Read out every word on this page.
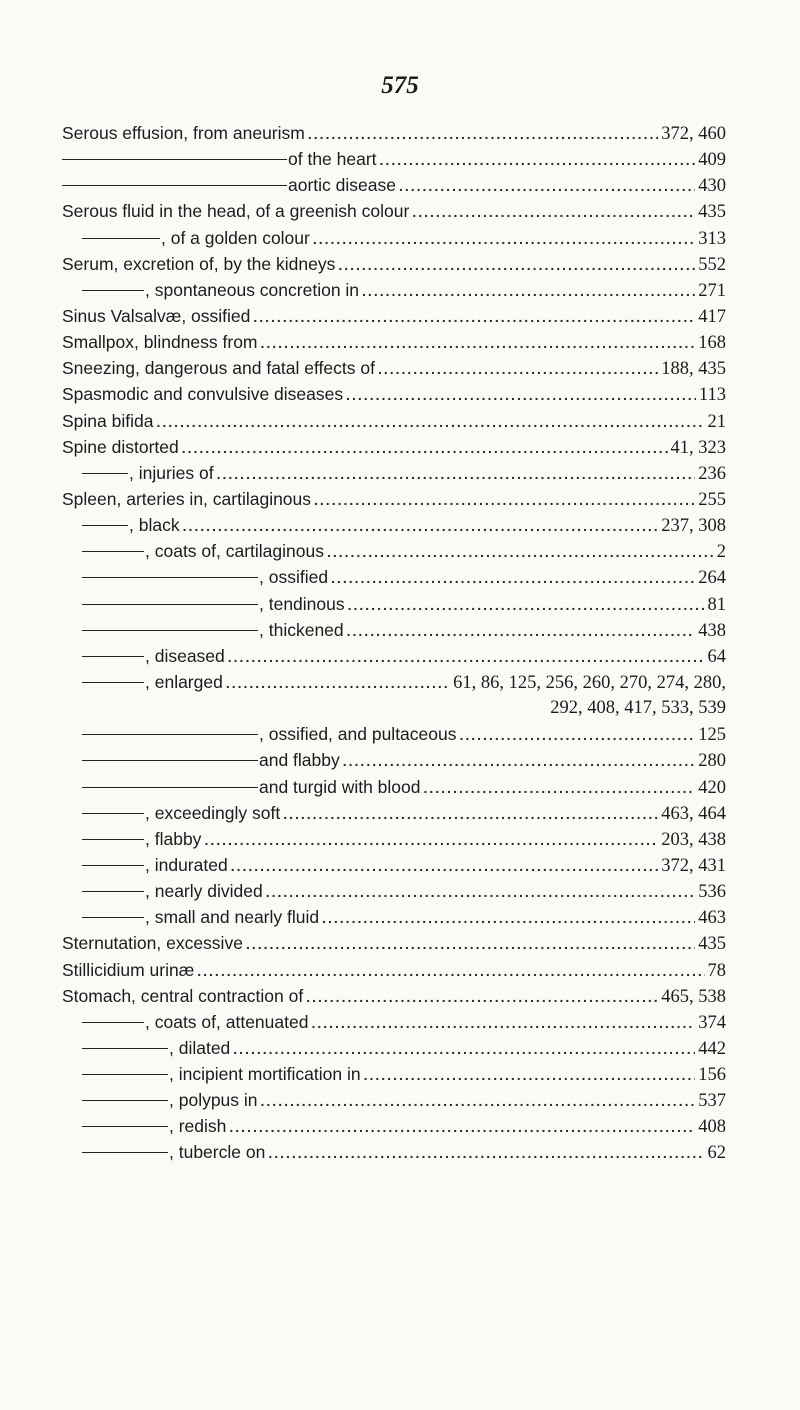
575
Serous effusion, from aneurism .....	372, 460
of the heart .....	409
aortic disease .....	430
Serous fluid in the head, of a greenish colour .....	435
, of a golden colour .....	313
Serum, excretion of, by the kidneys .....	552
, spontaneous concretion in .....	271
Sinus Valsalvæ, ossified .....	417
Smallpox, blindness from .....	168
Sneezing, dangerous and fatal effects of .....	188, 435
Spasmodic and convulsive diseases .....	113
Spina bifida .....	21
Spine distorted .....	41, 323
, injuries of .....	236
Spleen, arteries in, cartilaginous .....	255
, black .....	237, 308
, coats of, cartilaginous .....	2
, ossified .....	264
, tendinous .....	81
, thickened .....	438
, diseased .....	64
, enlarged .....	61, 86, 125, 256, 260, 270, 274, 280,
292, 408, 417, 533, 539
, ossified, and pultaceous .....	125
and flabby .....	280
and turgid with blood .....	420
, exceedingly soft .....	463, 464
, flabby .....	203, 438
, indurated .....	372, 431
, nearly divided .....	536
, small and nearly fluid .....	463
Sternutation, excessive .....	435
Stillicidium urinæ .....	78
Stomach, central contraction of .....	465, 538
, coats of, attenuated .....	374
, dilated .....	442
, incipient mortification in .....	156
, polypus in .....	537
, redish .....	408
, tubercle on .....	62
